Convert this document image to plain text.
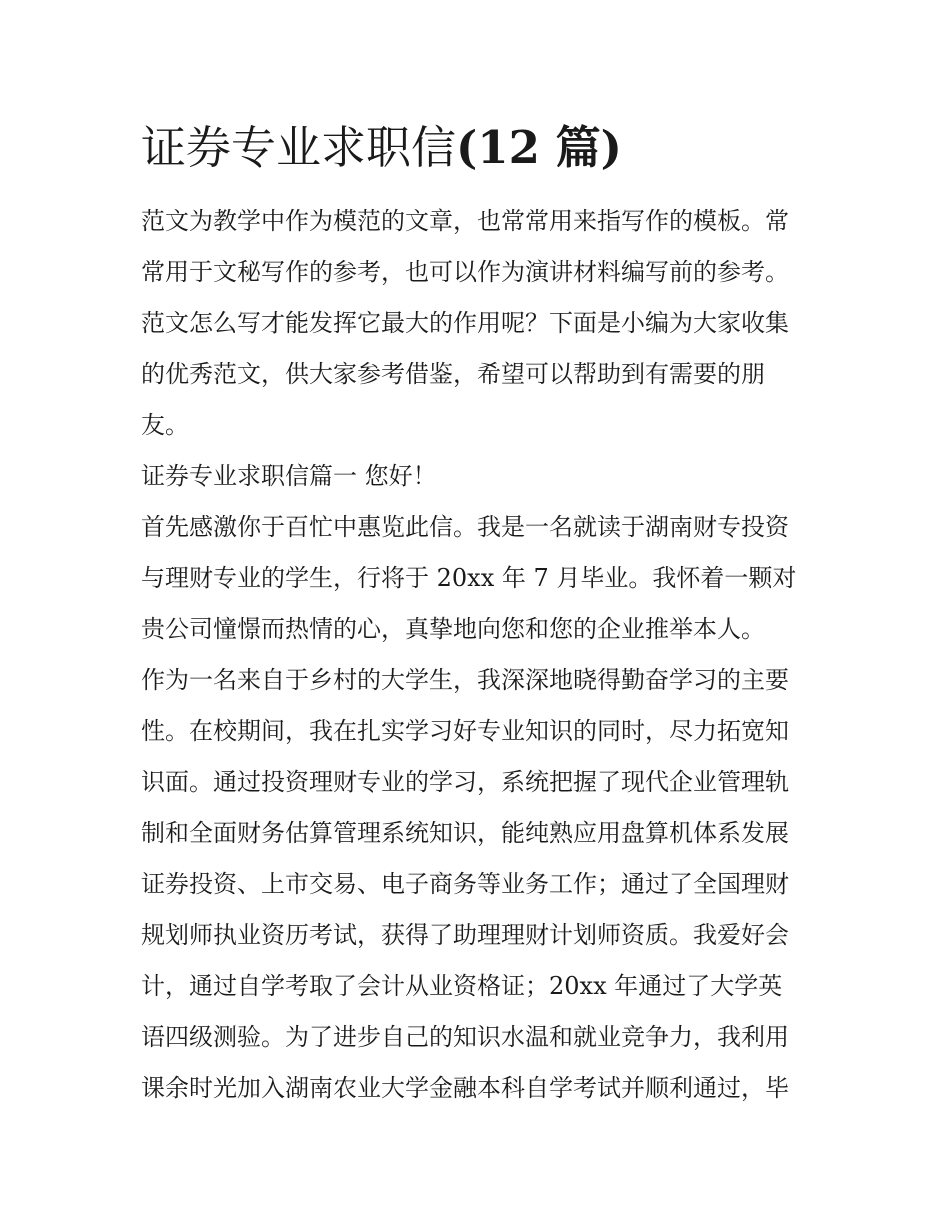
证券专业求职信(12 篇)
范文为教学中作为模范的文章，也常常用来指写作的模板。常
常用于文秘写作的参考，也可以作为演讲材料编写前的参考。
范文怎么写才能发挥它最大的作用呢？下面是小编为大家收集
的优秀范文，供大家参考借鉴，希望可以帮助到有需要的朋
友。
证券专业求职信篇一 您好！
首先感激你于百忙中惠览此信。我是一名就读于湖南财专投资
与理财专业的学生，行将于 20xx 年 7 月毕业。我怀着一颗对
贵公司憧憬而热情的心，真挚地向您和您的企业推举本人。
作为一名来自于乡村的大学生，我深深地晓得勤奋学习的主要
性。在校期间，我在扎实学习好专业知识的同时，尽力拓宽知
识面。通过投资理财专业的学习，系统把握了现代企业管理轨
制和全面财务估算管理系统知识，能纯熟应用盘算机体系发展
证券投资、上市交易、电子商务等业务工作；通过了全国理财
规划师执业资历考试，获得了助理理财计划师资质。我爱好会
计，通过自学考取了会计从业资格证；20xx 年通过了大学英
语四级测验。为了进步自己的知识水温和就业竞争力，我利用
课余时光加入湖南农业大学金融本科自学考试并顺利通过，毕
